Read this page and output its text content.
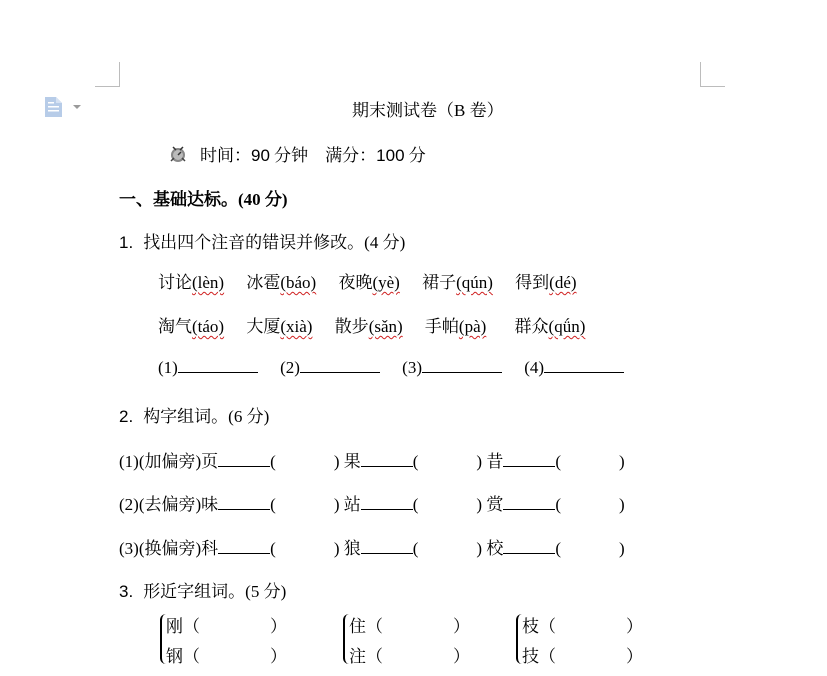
期末测试卷（B 卷）
时间：90 分钟 满分：100 分
一、基础达标。(40 分)
1. 找出四个注音的错误并修改。(4 分)
讨论(lèn) 冰雹(báo) 夜晚(yè) 裙子(qún) 得到(dé)
淘气(táo) 大厦(xià) 散步(sǎn) 手帕(pà) 群众(qǘn)
(1)	(2)	(3)	(4)
2. 构字组词。(6 分)
(1)(加偏旁)页	(	) 果	(	) 昔	(	)
(2)(去偏旁)味	(	) 站	(	) 赏	(	)
(3)(换偏旁)科	(	) 狼	(	) 校	(	)
3. 形近字组词。(5 分)
刚（	）
钢（	）
住（	）
注（	）
枝（	）
技（	）
